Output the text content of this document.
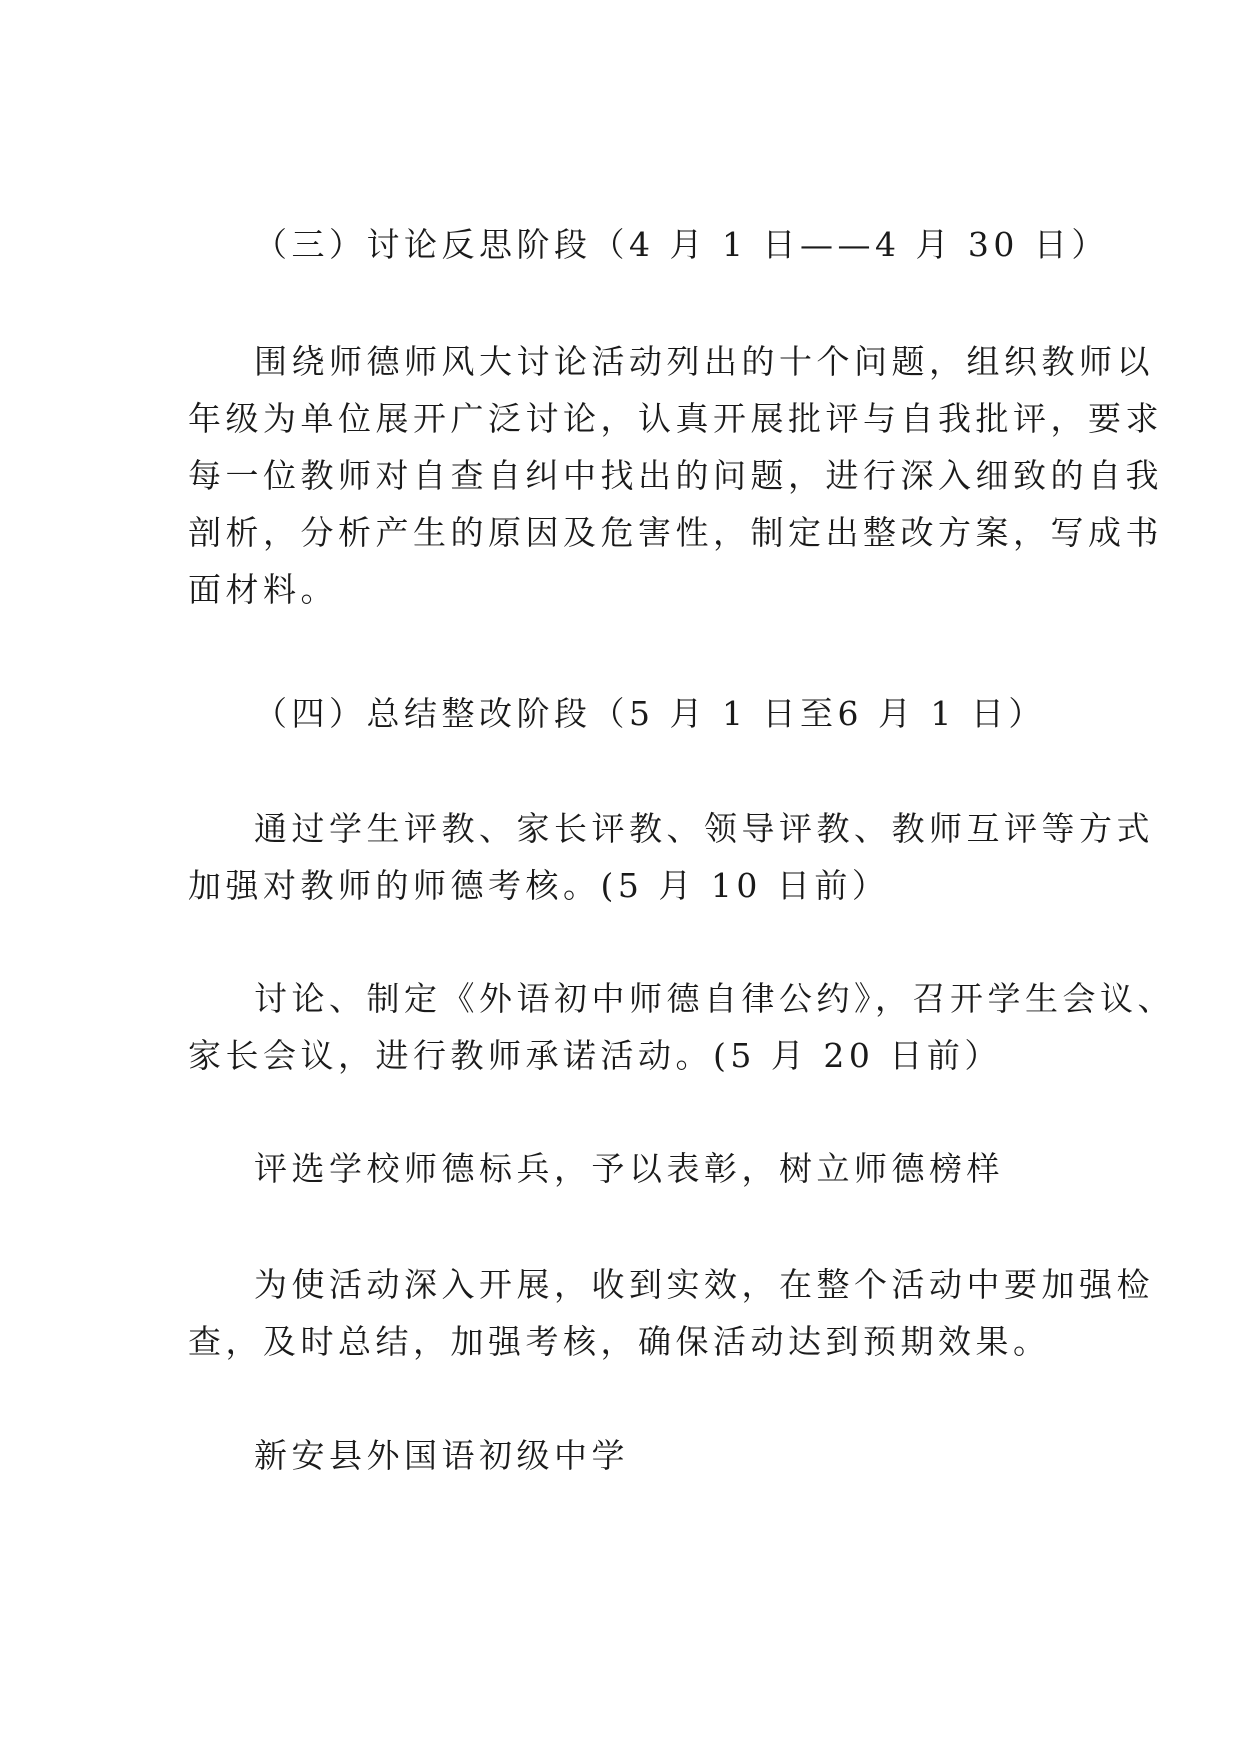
（三）讨论反思阶段（4 月 1 日——4 月 30 日）

围绕师德师风大讨论活动列出的十个问题，组织教师以
年级为单位展开广泛讨论，认真开展批评与自我批评，要求
每一位教师对自查自纠中找出的问题，进行深入细致的自我
剖析，分析产生的原因及危害性，制定出整改方案，写成书
面材料。

（四）总结整改阶段（5 月 1 日至6 月 1 日）

通过学生评教、家长评教、领导评教、教师互评等方式
加强对教师的师德考核。(5 月 10 日前）

讨论、制定《外语初中师德自律公约》，召开学生会议、
家长会议，进行教师承诺活动。(5 月 20 日前）

评选学校师德标兵，予以表彰，树立师德榜样

为使活动深入开展，收到实效，在整个活动中要加强检
查，及时总结，加强考核，确保活动达到预期效果。

新安县外国语初级中学
